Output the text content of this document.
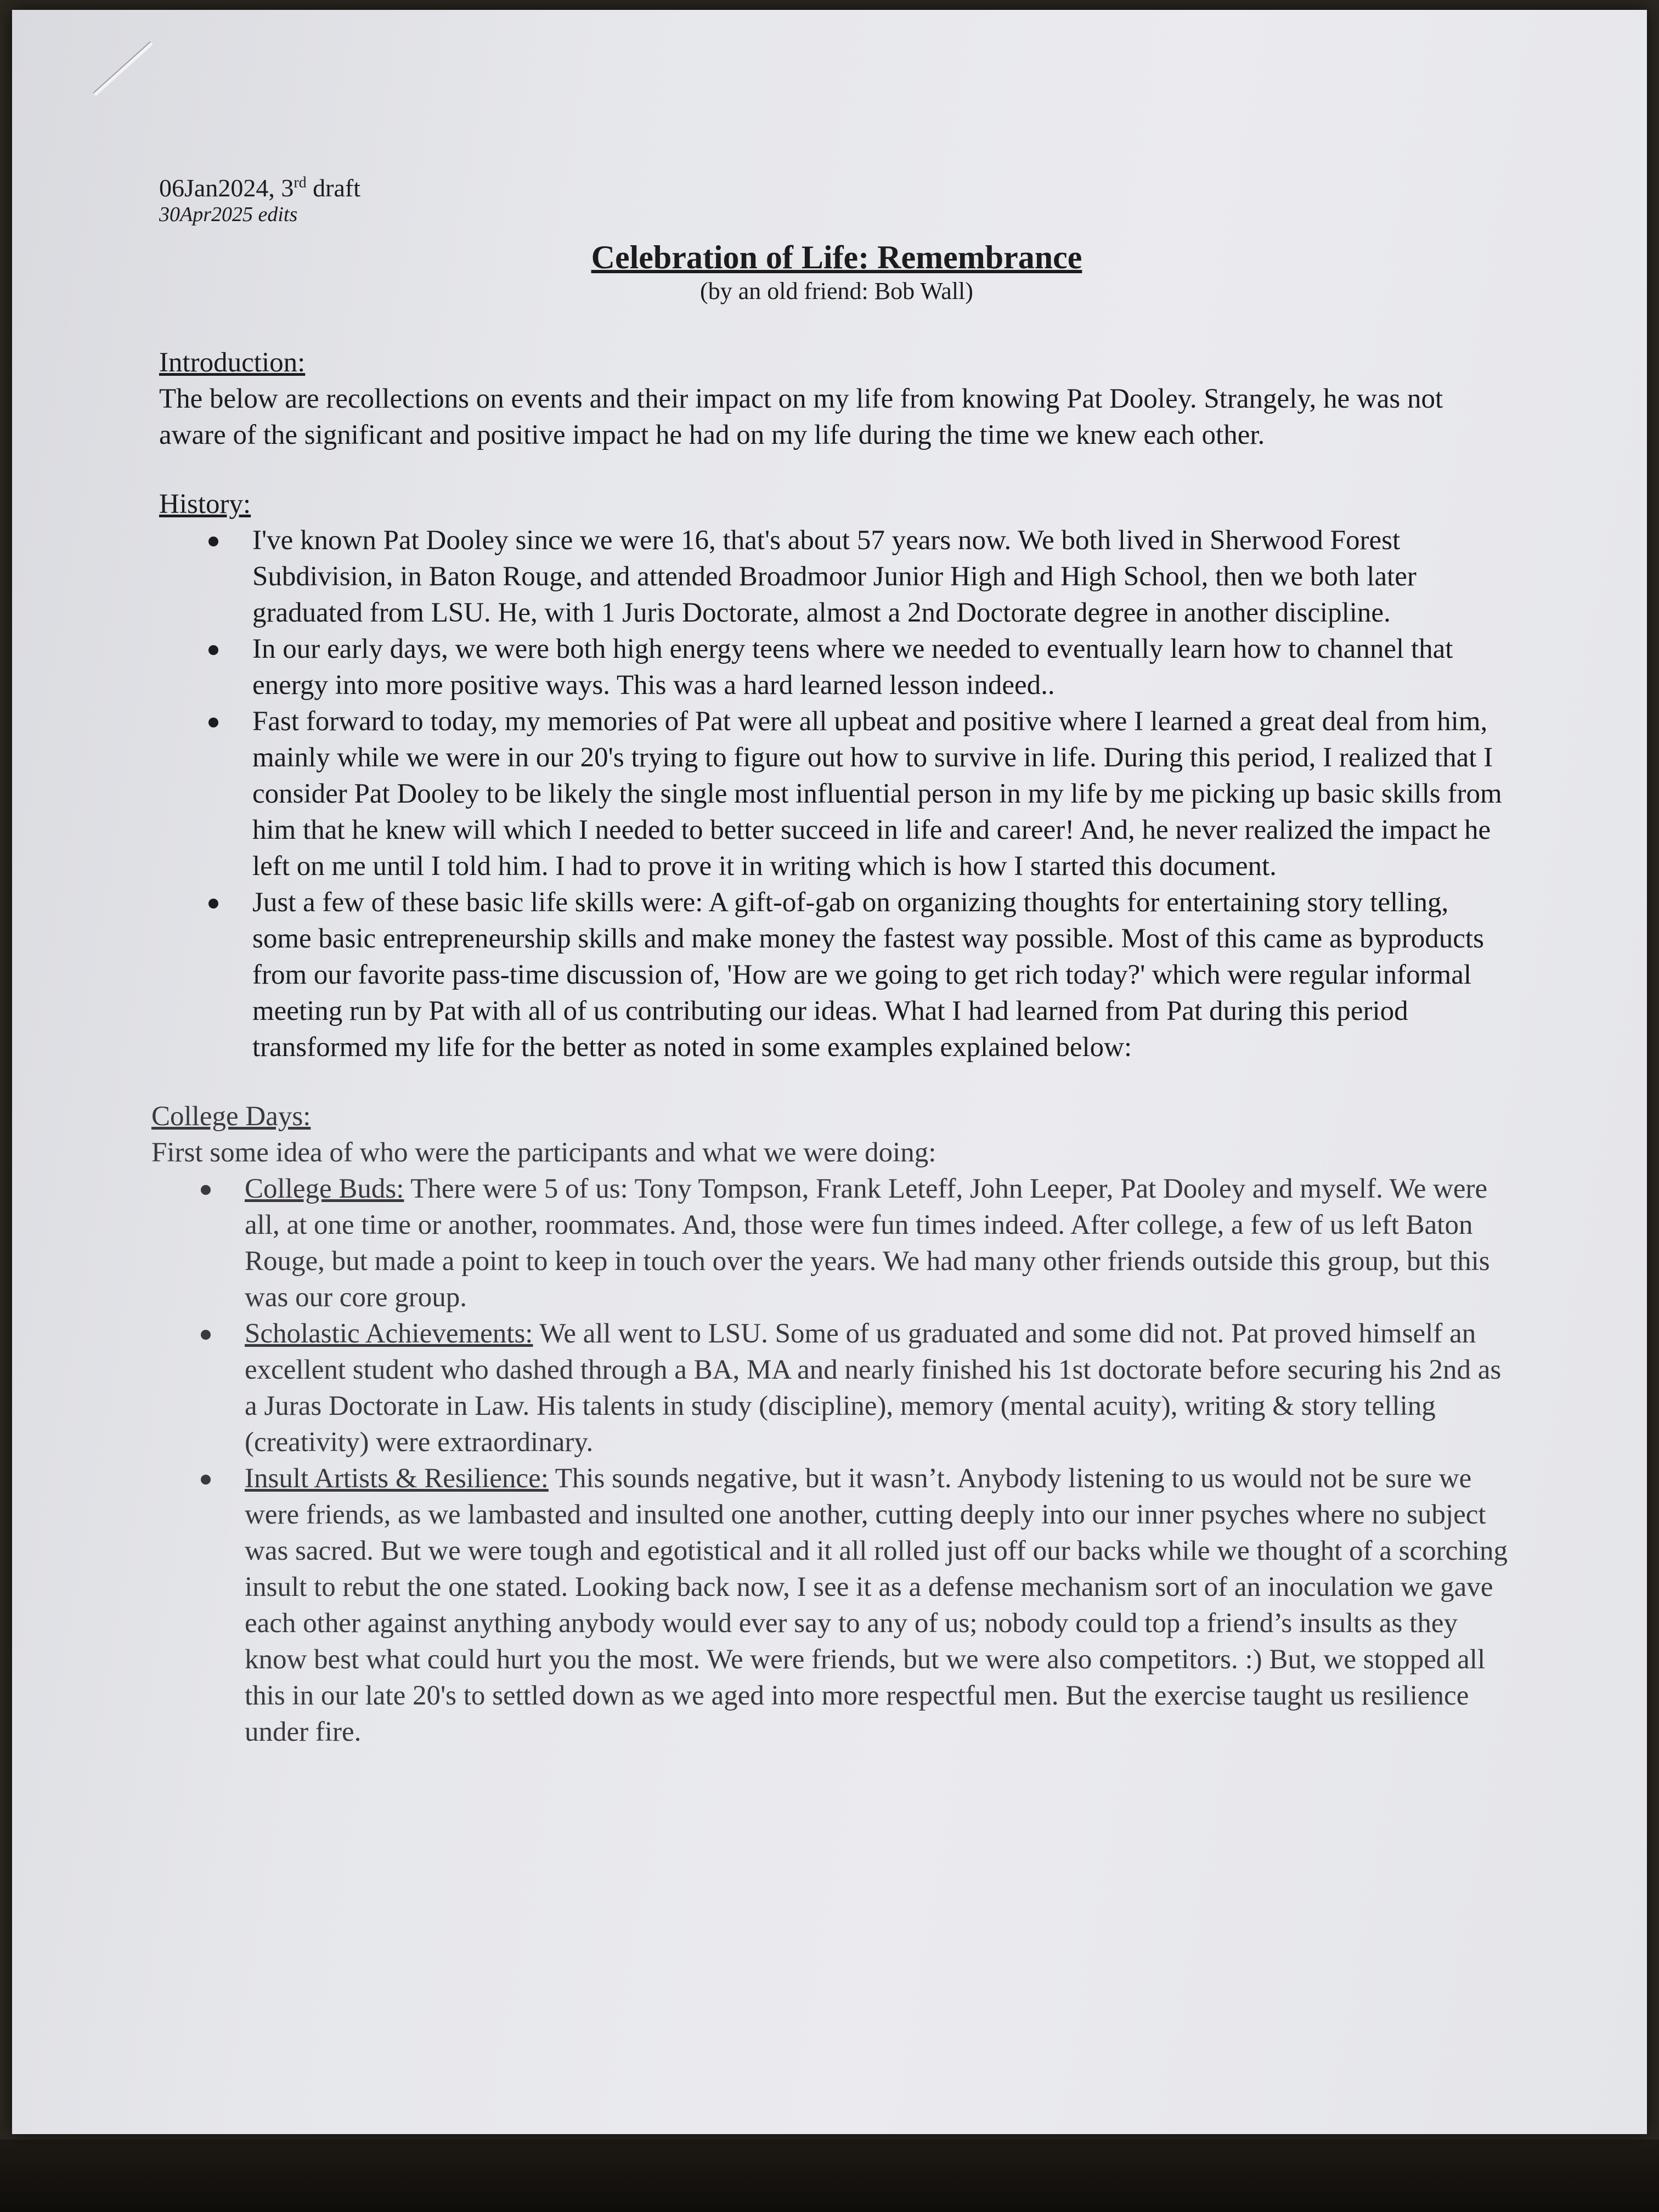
06Jan2024, 3rd draft
30Apr2025 edits
Celebration of Life: Remembrance
(by an old friend: Bob Wall)
Introduction:

The below are recollections on events and their impact on my life from knowing Pat Dooley. Strangely, he was not aware of the significant and positive impact he had on my life during the time we knew each other.

History:
I've known Pat Dooley since we were 16, that's about 57 years now. We both lived in Sherwood Forest Subdivision, in Baton Rouge, and attended Broadmoor Junior High and High School, then we both later graduated from LSU. He, with 1 Juris Doctorate, almost a 2nd Doctorate degree in another discipline.
In our early days, we were both high energy teens where we needed to eventually learn how to channel that energy into more positive ways. This was a hard learned lesson indeed..
Fast forward to today, my memories of Pat were all upbeat and positive where I learned a great deal from him, mainly while we were in our 20's trying to figure out how to survive in life. During this period, I realized that I consider Pat Dooley to be likely the single most influential person in my life by me picking up basic skills from him that he knew will which I needed to better succeed in life and career! And, he never realized the impact he left on me until I told him. I had to prove it in writing which is how I started this document.
Just a few of these basic life skills were: A gift-of-gab on organizing thoughts for entertaining story telling, some basic entrepreneurship skills and make money the fastest way possible. Most of this came as byproducts from our favorite pass-time discussion of, 'How are we going to get rich today?' which were regular informal meeting run by Pat with all of us contributing our ideas. What I had learned from Pat during this period transformed my life for the better as noted in some examples explained below:
College Days:

First some idea of who were the participants and what we were doing:

College Buds: There were 5 of us: Tony Tompson, Frank Leteff, John Leeper, Pat Dooley and myself. We were all, at one time or another, roommates. And, those were fun times indeed. After college, a few of us left Baton Rouge, but made a point to keep in touch over the years. We had many other friends outside this group, but this was our core group.
Scholastic Achievements: We all went to LSU. Some of us graduated and some did not. Pat proved himself an excellent student who dashed through a BA, MA and nearly finished his 1st doctorate before securing his 2nd as a Juras Doctorate in Law. His talents in study (discipline), memory (mental acuity), writing & story telling (creativity) were extraordinary.
Insult Artists & Resilience: This sounds negative, but it wasn’t. Anybody listening to us would not be sure we were friends, as we lambasted and insulted one another, cutting deeply into our inner psyches where no subject was sacred. But we were tough and egotistical and it all rolled just off our backs while we thought of a scorching insult to rebut the one stated. Looking back now, I see it as a defense mechanism sort of an inoculation we gave each other against anything anybody would ever say to any of us; nobody could top a friend’s insults as they know best what could hurt you the most. We were friends, but we were also competitors. :) But, we stopped all this in our late 20's to settled down as we aged into more respectful men. But the exercise taught us resilience under fire.
